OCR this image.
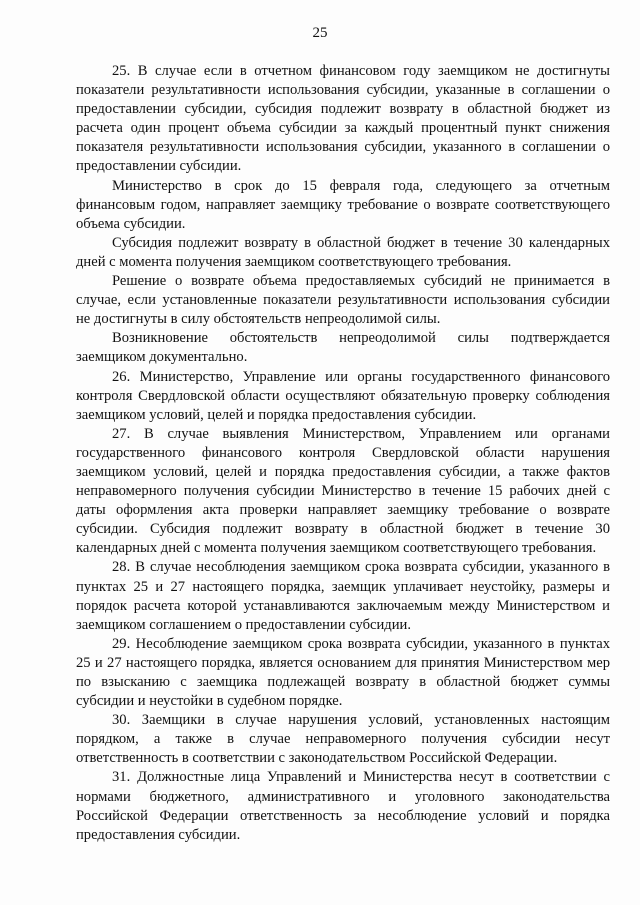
25

25. В случае если в отчетном финансовом году заемщиком не достигнуты показатели результативности использования субсидии, указанные в соглашении о предоставлении субсидии, субсидия подлежит возврату в областной бюджет из расчета один процент объема субсидии за каждый процентный пункт снижения показателя результативности использования субсидии, указанного в соглашении о предоставлении субсидии.

Министерство в срок до 15 февраля года, следующего за отчетным финансовым годом, направляет заемщику требование о возврате соответствующего объема субсидии.

Субсидия подлежит возврату в областной бюджет в течение 30 календарных дней с момента получения заемщиком соответствующего требования.

Решение о возврате объема предоставляемых субсидий не принимается в случае, если установленные показатели результативности использования субсидии не достигнуты в силу обстоятельств непреодолимой силы.

Возникновение обстоятельств непреодолимой силы подтверждается заемщиком документально.

26. Министерство, Управление или органы государственного финансового контроля Свердловской области осуществляют обязательную проверку соблюдения заемщиком условий, целей и порядка предоставления субсидии.

27. В случае выявления Министерством, Управлением или органами государственного финансового контроля Свердловской области нарушения заемщиком условий, целей и порядка предоставления субсидии, а также фактов неправомерного получения субсидии Министерство в течение 15 рабочих дней с даты оформления акта проверки направляет заемщику требование о возврате субсидии. Субсидия подлежит возврату в областной бюджет в течение 30 календарных дней с момента получения заемщиком соответствующего требования.

28. В случае несоблюдения заемщиком срока возврата субсидии, указанного в пунктах 25 и 27 настоящего порядка, заемщик уплачивает неустойку, размеры и порядок расчета которой устанавливаются заключаемым между Министерством и заемщиком соглашением о предоставлении субсидии.

29. Несоблюдение заемщиком срока возврата субсидии, указанного в пунктах 25 и 27 настоящего порядка, является основанием для принятия Министерством мер по взысканию с заемщика подлежащей возврату в областной бюджет суммы субсидии и неустойки в судебном порядке.

30. Заемщики в случае нарушения условий, установленных настоящим порядком, а также в случае неправомерного получения субсидии несут ответственность в соответствии с законодательством Российской Федерации.

31. Должностные лица Управлений и Министерства несут в соответствии с нормами бюджетного, административного и уголовного законодательства Российской Федерации ответственность за несоблюдение условий и порядка предоставления субсидии.
